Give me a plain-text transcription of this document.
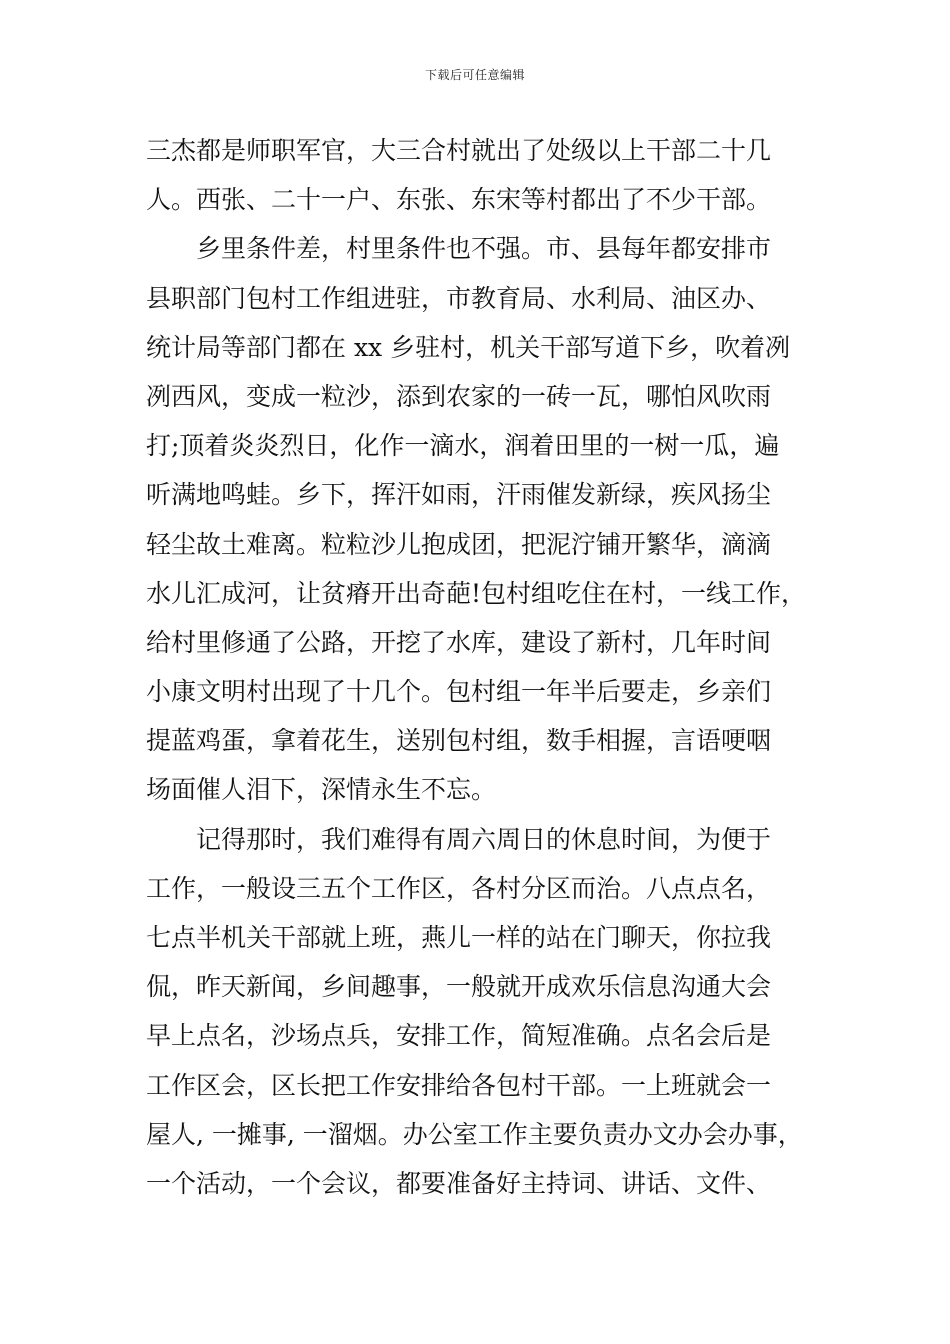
下载后可任意编辑
三杰都是师职军官，大三合村就出了处级以上干部二十几
人。西张、二十一户、东张、东宋等村都出了不少干部。
乡里条件差，村里条件也不强。市、县每年都安排市
县职部门包村工作组进驻，市教育局、水利局、油区办、
统计局等部门都在 xx 乡驻村，机关干部写道下乡，吹着冽
冽西风，变成一粒沙，添到农家的一砖一瓦，哪怕风吹雨
打;顶着炎炎烈日，化作一滴水，润着田里的一树一瓜，遍
听满地鸣蛙。乡下，挥汗如雨，汗雨催发新绿，疾风扬尘
轻尘故土难离。粒粒沙儿抱成团，把泥泞铺开繁华，滴滴
水儿汇成河，让贫瘠开出奇葩!包村组吃住在村，一线工作，
给村里修通了公路，开挖了水库，建设了新村，几年时间
小康文明村出现了十几个。包村组一年半后要走，乡亲们
提蓝鸡蛋，拿着花生，送别包村组，数手相握，言语哽咽
场面催人泪下，深情永生不忘。
记得那时，我们难得有周六周日的休息时间，为便于
工作，一般设三五个工作区，各村分区而治。八点点名，
七点半机关干部就上班，燕儿一样的站在门聊天，你拉我
侃，昨天新闻，乡间趣事，一般就开成欢乐信息沟通大会
早上点名，沙场点兵，安排工作，简短准确。点名会后是
工作区会，区长把工作安排给各包村干部。一上班就会一
屋人, 一摊事, 一溜烟。办公室工作主要负责办文办会办事，
一个活动，一个会议，都要准备好主持词、讲话、文件、
